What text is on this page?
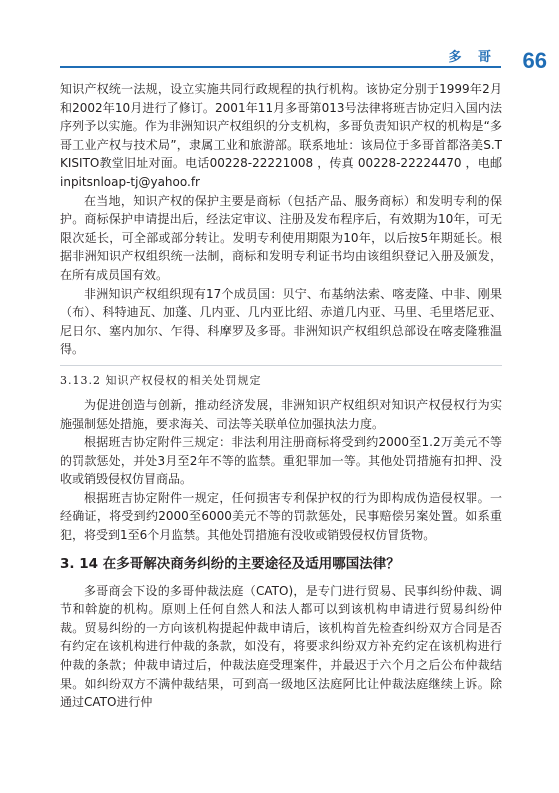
多 哥 66

知识产权统一法规，设立实施共同行政规程的执行机构。该协定分别于1999年2月和2002年10月进行了修订。2001年11月多哥第013号法律将班吉协定归入国内法序列予以实施。作为非洲知识产权组织的分支机构，多哥负责知识产权的机构是“多哥工业产权与技术局”，隶属工业和旅游部。联系地址：该局位于多哥首都洛美S.T KISITO教堂旧址对面。电话00228-22221008 ，传真 00228-22224470 ，电邮 inpitsnloap-tj@yahoo.fr

在当地，知识产权的保护主要是商标（包括产品、服务商标）和发明专利的保护。商标保护申请提出后，经法定审议、注册及发布程序后，有效期为10年，可无限次延长，可全部或部分转让。发明专利使用期限为10年，以后按5年期延长。根据非洲知识产权组织统一法制，商标和发明专利证书均由该组织登记入册及颁发，在所有成员国有效。

非洲知识产权组织现有17个成员国：贝宁、布基纳法索、喀麦隆、中非、刚果（布）、科特迪瓦、加蓬、几内亚、几内亚比绍、赤道几内亚、马里、毛里塔尼亚、尼日尔、塞内加尔、乍得、科摩罗及多哥。非洲知识产权组织总部设在喀麦隆雅温得。

3.13.2 知识产权侵权的相关处罚规定

为促进创造与创新，推动经济发展，非洲知识产权组织对知识产权侵权行为实施强制惩处措施，要求海关、司法等关联单位加强执法力度。

根据班吉协定附件三规定：非法利用注册商标将受到约2000至1.2万美元不等的罚款惩处，并处3月至2年不等的监禁。重犯罪加一等。其他处罚措施有扣押、没收或销毁侵权仿冒商品。

根据班吉协定附件一规定，任何损害专利保护权的行为即构成伪造侵权罪。一经确证，将受到约2000至6000美元不等的罚款惩处，民事赔偿另案处置。如系重犯，将受到1至6个月监禁。其他处罚措施有没收或销毁侵权仿冒货物。

3. 14 在多哥解决商务纠纷的主要途径及适用哪国法律？

多哥商会下设的多哥仲裁法庭（CATO)，是专门进行贸易、民事纠纷仲裁、调节和斡旋的机构。原则上任何自然人和法人都可以到该机构申请进行贸易纠纷仲裁。贸易纠纷的一方向该机构提起仲裁申请后，该机构首先检查纠纷双方合同是否有约定在该机构进行仲裁的条款，如没有，将要求纠纷双方补充约定在该机构进行仲裁的条款；仲裁申请过后，仲裁法庭受理案件，并最迟于六个月之后公布仲裁结果。如纠纷双方不满仲裁结果，可到高一级地区法庭阿比让仲裁法庭继续上诉。除通过CATO进行仲
